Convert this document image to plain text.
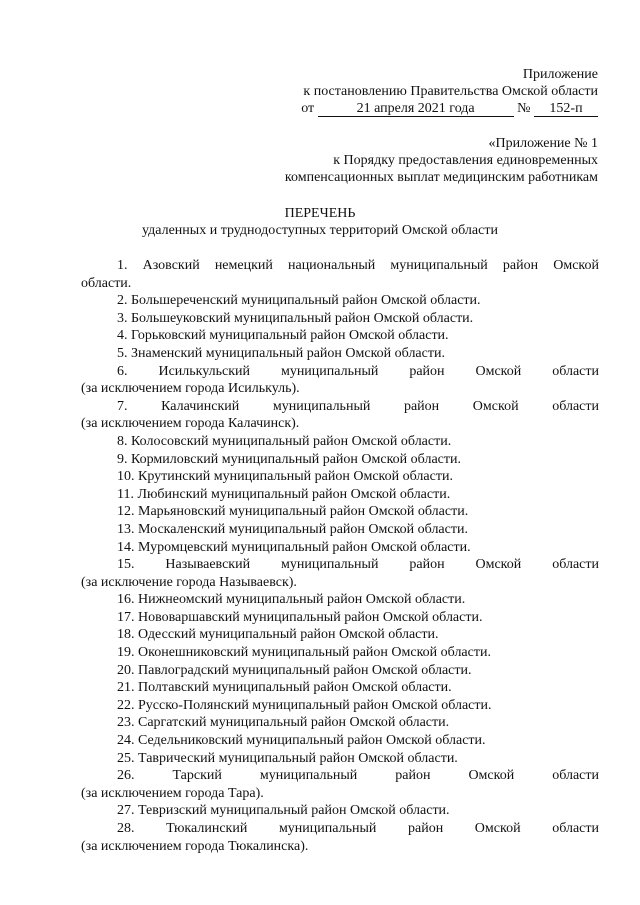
Приложение
к постановлению Правительства Омской области
от	21 апреля 2021 года	№ 152-п
«Приложение № 1
к Порядку предоставления единовременных
компенсационных выплат медицинским работникам
ПЕРЕЧЕНЬ
удаленных и труднодоступных территорий Омской области
1. Азовский немецкий национальный муниципальный район Омской
области.
2. Большереченский муниципальный район Омской области.
3. Большеуковский муниципальный район Омской области.
4. Горьковский муниципальный район Омской области.
5. Знаменский муниципальный район Омской области.
6. Исилькульский муниципальный район Омской области
(за исключением города Исилькуль).
7. Калачинский муниципальный район Омской области
(за исключением города Калачинск).
8. Колосовский муниципальный район Омской области.
9. Кормиловский муниципальный район Омской области.
10. Крутинский муниципальный район Омской области.
11. Любинский муниципальный район Омской области.
12. Марьяновский муниципальный район Омской области.
13. Москаленский муниципальный район Омской области.
14. Муромцевский муниципальный район Омской области.
15. Называевский муниципальный район Омской области
(за исключение города Называевск).
16. Нижнеомский муниципальный район Омской области.
17. Нововаршавский муниципальный район Омской области.
18. Одесский муниципальный район Омской области.
19. Оконешниковский муниципальный район Омской области.
20. Павлоградский муниципальный район Омской области.
21. Полтавский муниципальный район Омской области.
22. Русско-Полянский муниципальный район Омской области.
23. Саргатский муниципальный район Омской области.
24. Седельниковский муниципальный район Омской области.
25. Таврический муниципальный район Омской области.
26. Тарский муниципальный район Омской области
(за исключением города Тара).
27. Тевризский муниципальный район Омской области.
28. Тюкалинский муниципальный район Омской области
(за исключением города Тюкалинска).
